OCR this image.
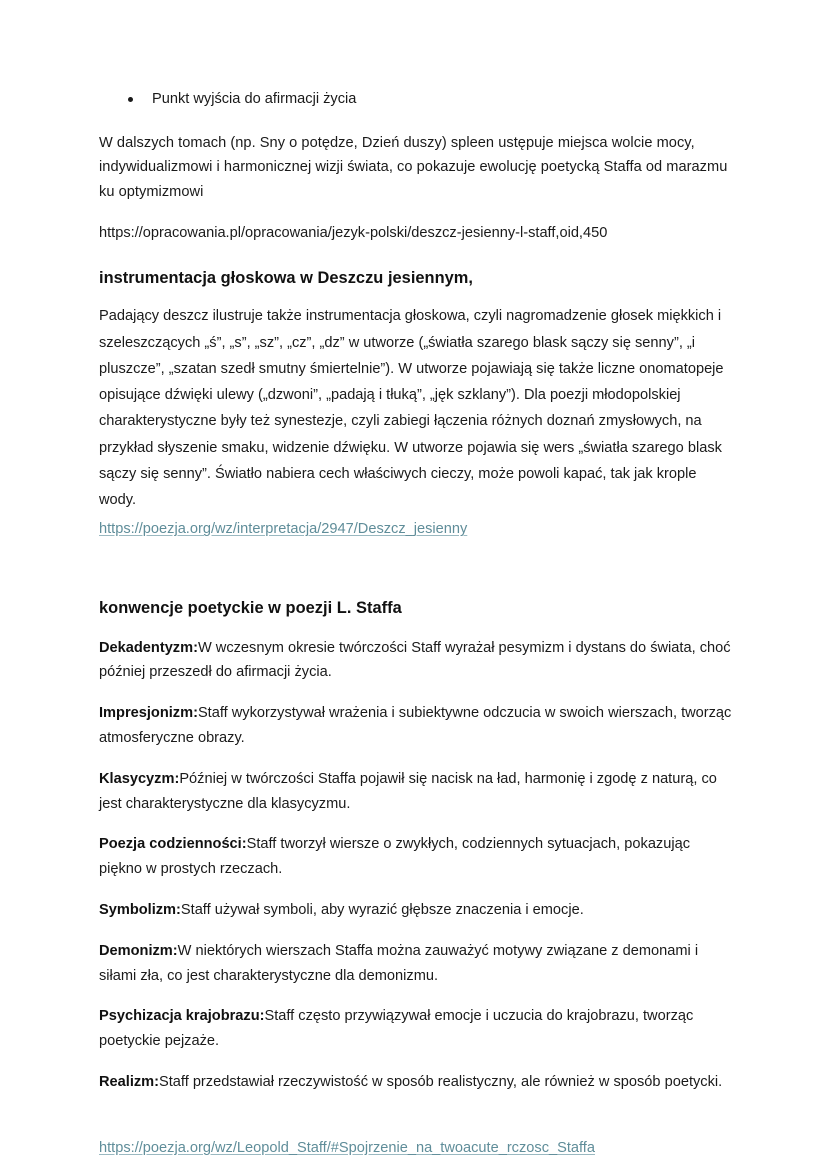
Punkt wyjścia do afirmacji życia

W dalszych tomach (np. Sny o potędze, Dzień duszy) spleen ustępuje miejsca wolcie mocy, indywidualizmowi i harmonicznej wizji świata, co pokazuje ewolucję poetycką Staffa od marazmu ku optymizmowi

https://opracowania.pl/opracowania/jezyk-polski/deszcz-jesienny-l-staff,oid,450

instrumentacja głoskowa w Deszczu jesiennym,

Padający deszcz ilustruje także instrumentacja głoskowa, czyli nagromadzenie głosek miękkich i szeleszczących „ś”, „s”, „sz”, „cz”, „dz” w utworze („światła szarego blask sączy się senny”, „i pluszcze”, „szatan szedł smutny śmiertelnie”). W utworze pojawiają się także liczne onomatopeje opisujące dźwięki ulewy („dzwoni”, „padają i tłuką”, „jęk szklany”). Dla poezji młodopolskiej charakterystyczne były też synestezje, czyli zabiegi łączenia różnych doznań zmysłowych, na przykład słyszenie smaku, widzenie dźwięku. W utworze pojawia się wers „światła szarego blask sączy się senny”. Światło nabiera cech właściwych cieczy, może powoli kapać, tak jak krople wody.

https://poezja.org/wz/interpretacja/2947/Deszcz_jesienny

konwencje poetyckie w poezji L. Staffa

Dekadentyzm:W wczesnym okresie twórczości Staff wyrażał pesymizm i dystans do świata, choć później przeszedł do afirmacji życia.

Impresjonizm:Staff wykorzystywał wrażenia i subiektywne odczucia w swoich wierszach, tworząc atmosferyczne obrazy.

Klasycyzm:Później w twórczości Staffa pojawił się nacisk na ład, harmonię i zgodę z naturą, co jest charakterystyczne dla klasycyzmu.

Poezja codzienności:Staff tworzył wiersze o zwykłych, codziennych sytuacjach, pokazując piękno w prostych rzeczach.

Symbolizm:Staff używał symboli, aby wyrazić głębsze znaczenia i emocje.

Demonizm:W niektórych wierszach Staffa można zauważyć motywy związane z demonami i siłami zła, co jest charakterystyczne dla demonizmu.

Psychizacja krajobrazu:Staff często przywiązywał emocje i uczucia do krajobrazu, tworząc poetyckie pejzaże.

Realizm:Staff przedstawiał rzeczywistość w sposób realistyczny, ale również w sposób poetycki.

https://poezja.org/wz/Leopold_Staff/#Spojrzenie_na_twoacute_rczosc_Staffa
